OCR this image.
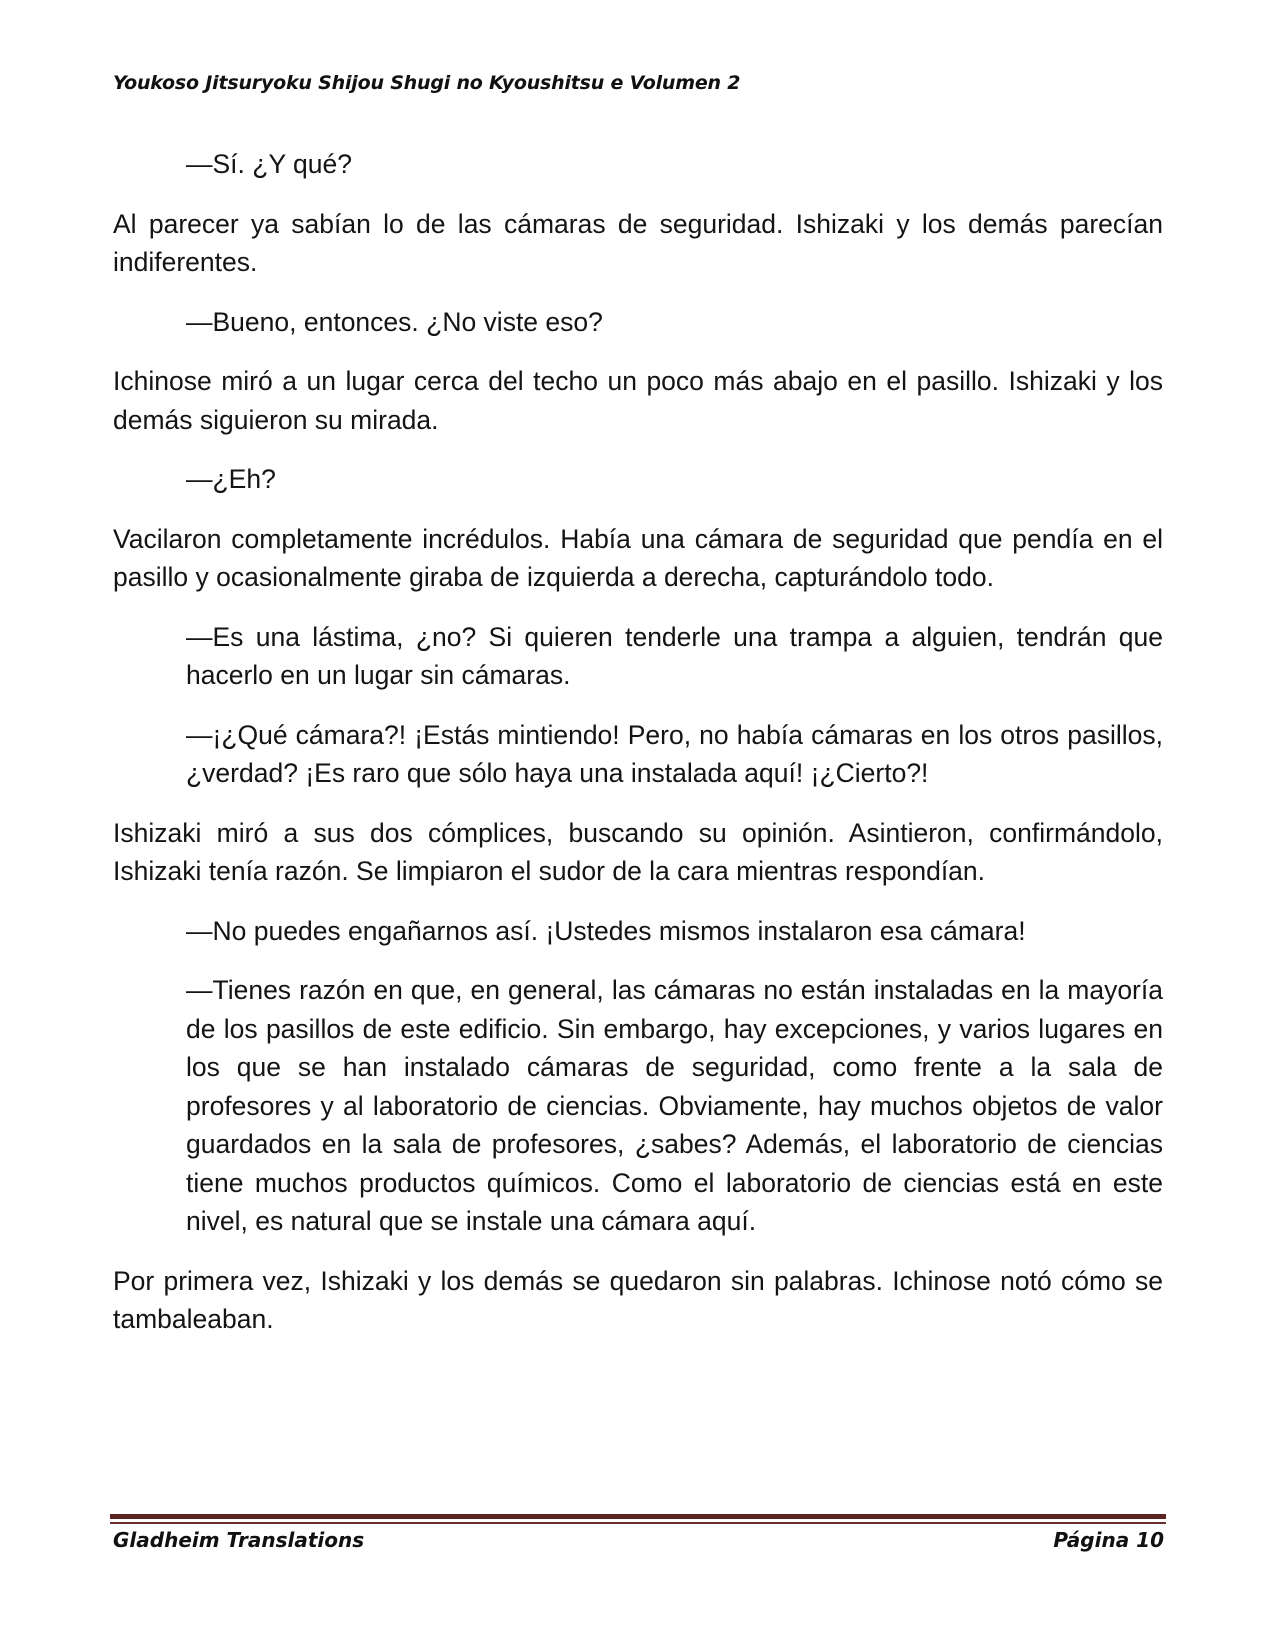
Youkoso Jitsuryoku Shijou Shugi no Kyoushitsu e Volumen 2

—Sí. ¿Y qué?

Al parecer ya sabían lo de las cámaras de seguridad. Ishizaki y los demás parecían indiferentes.

—Bueno, entonces. ¿No viste eso?

Ichinose miró a un lugar cerca del techo un poco más abajo en el pasillo. Ishizaki y los demás siguieron su mirada.

—¿Eh?

Vacilaron completamente incrédulos. Había una cámara de seguridad que pendía en el pasillo y ocasionalmente giraba de izquierda a derecha, capturándolo todo.

—Es una lástima, ¿no? Si quieren tenderle una trampa a alguien, tendrán que hacerlo en un lugar sin cámaras.

—¡¿Qué cámara?! ¡Estás mintiendo! Pero, no había cámaras en los otros pasillos, ¿verdad? ¡Es raro que sólo haya una instalada aquí! ¡¿Cierto?!

Ishizaki miró a sus dos cómplices, buscando su opinión. Asintieron, confirmándolo, Ishizaki tenía razón. Se limpiaron el sudor de la cara mientras respondían.

—No puedes engañarnos así. ¡Ustedes mismos instalaron esa cámara!

—Tienes razón en que, en general, las cámaras no están instaladas en la mayoría de los pasillos de este edificio. Sin embargo, hay excepciones, y varios lugares en los que se han instalado cámaras de seguridad, como frente a la sala de profesores y al laboratorio de ciencias. Obviamente, hay muchos objetos de valor guardados en la sala de profesores, ¿sabes? Además, el laboratorio de ciencias tiene muchos productos químicos. Como el laboratorio de ciencias está en este nivel, es natural que se instale una cámara aquí.

Por primera vez, Ishizaki y los demás se quedaron sin palabras. Ichinose notó cómo se tambaleaban.

Gladheim Translations	Página 10
